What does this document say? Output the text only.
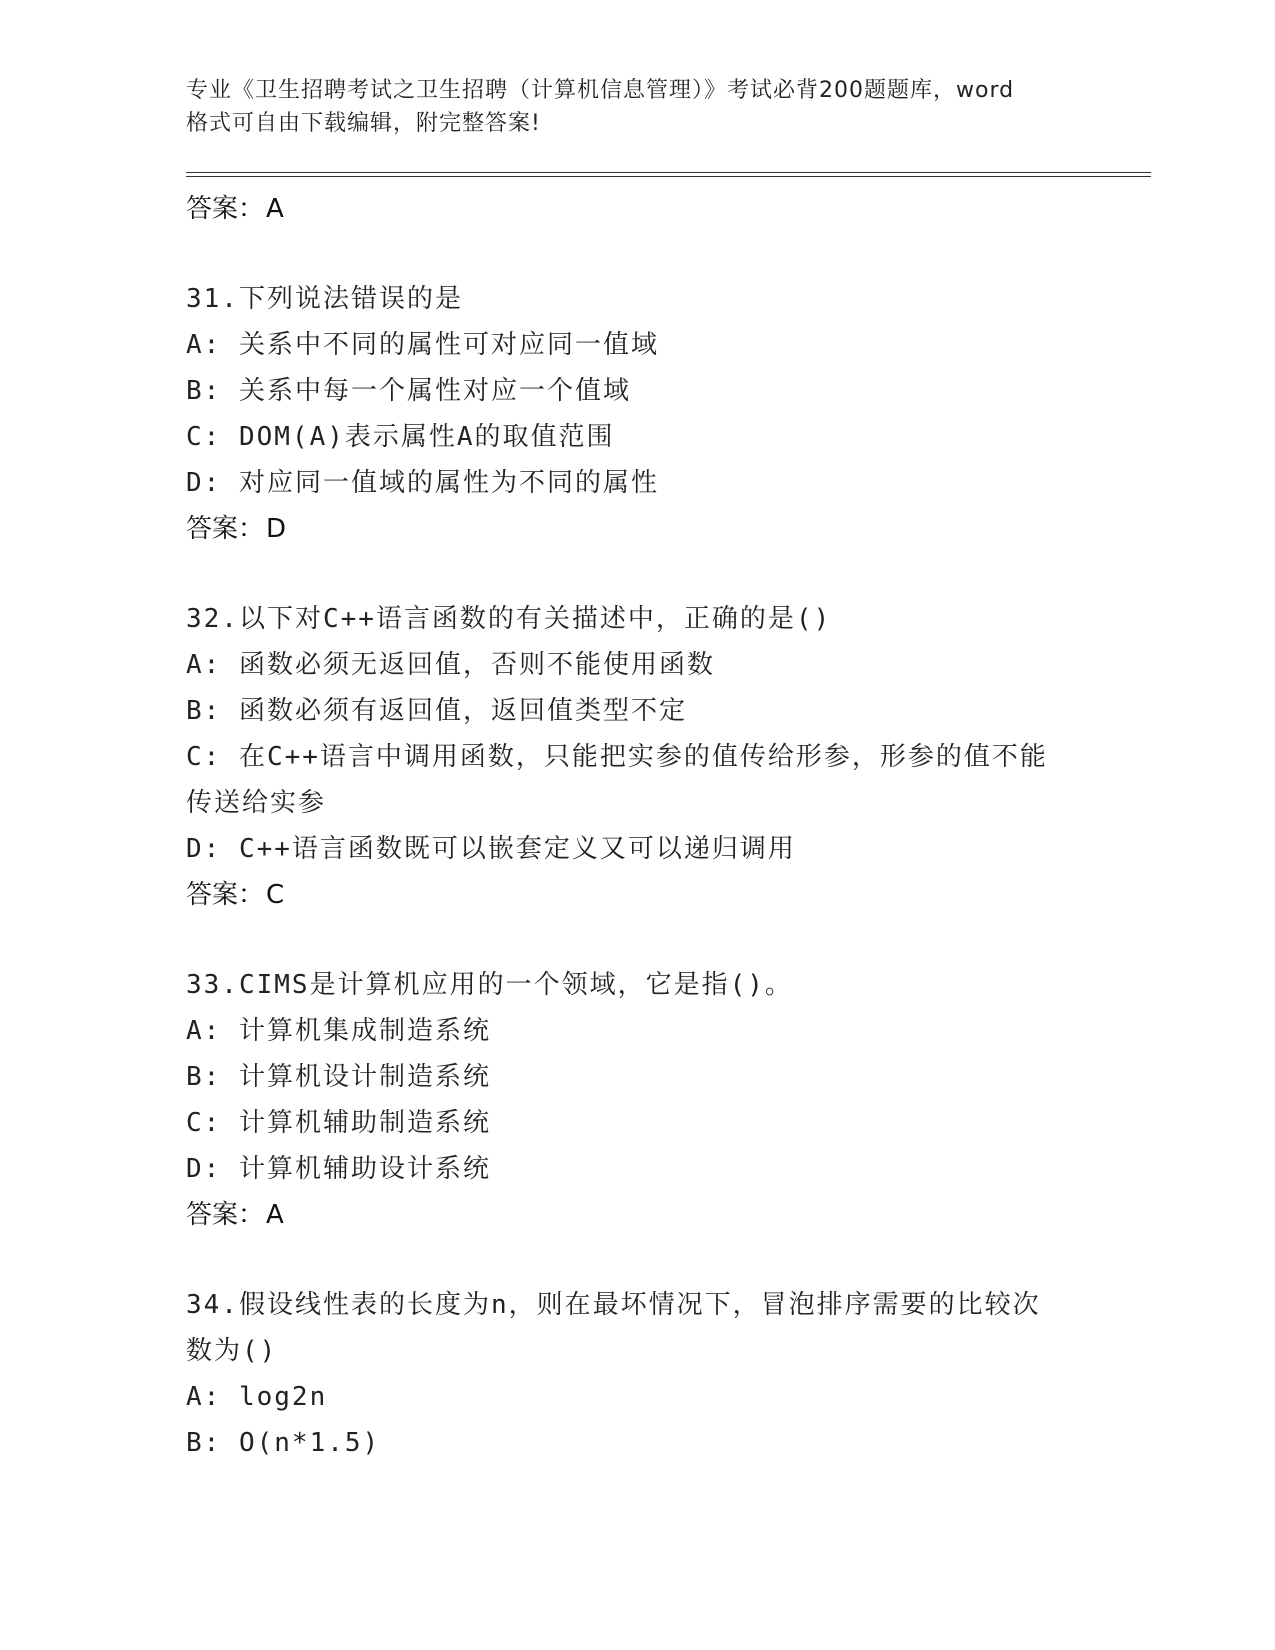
专业《卫生招聘考试之卫生招聘（计算机信息管理）》考试必背200题题库，word
格式可自由下载编辑，附完整答案!
答案：A
31.下列说法错误的是
A: 关系中不同的属性可对应同一值域
B: 关系中每一个属性对应一个值域
C: DOM(A)表示属性A的取值范围
D: 对应同一值域的属性为不同的属性
答案：D
32.以下对C++语言函数的有关描述中，正确的是()
A: 函数必须无返回值，否则不能使用函数
B: 函数必须有返回值，返回值类型不定
C: 在C++语言中调用函数，只能把实参的值传给形参，形参的值不能传送给实参
D: C++语言函数既可以嵌套定义又可以递归调用
答案：C
33.CIMS是计算机应用的一个领域，它是指()。
A: 计算机集成制造系统
B: 计算机设计制造系统
C: 计算机辅助制造系统
D: 计算机辅助设计系统
答案：A
34.假设线性表的长度为n，则在最坏情况下，冒泡排序需要的比较次数为()
A: log2n
B: O(n*1.5)
